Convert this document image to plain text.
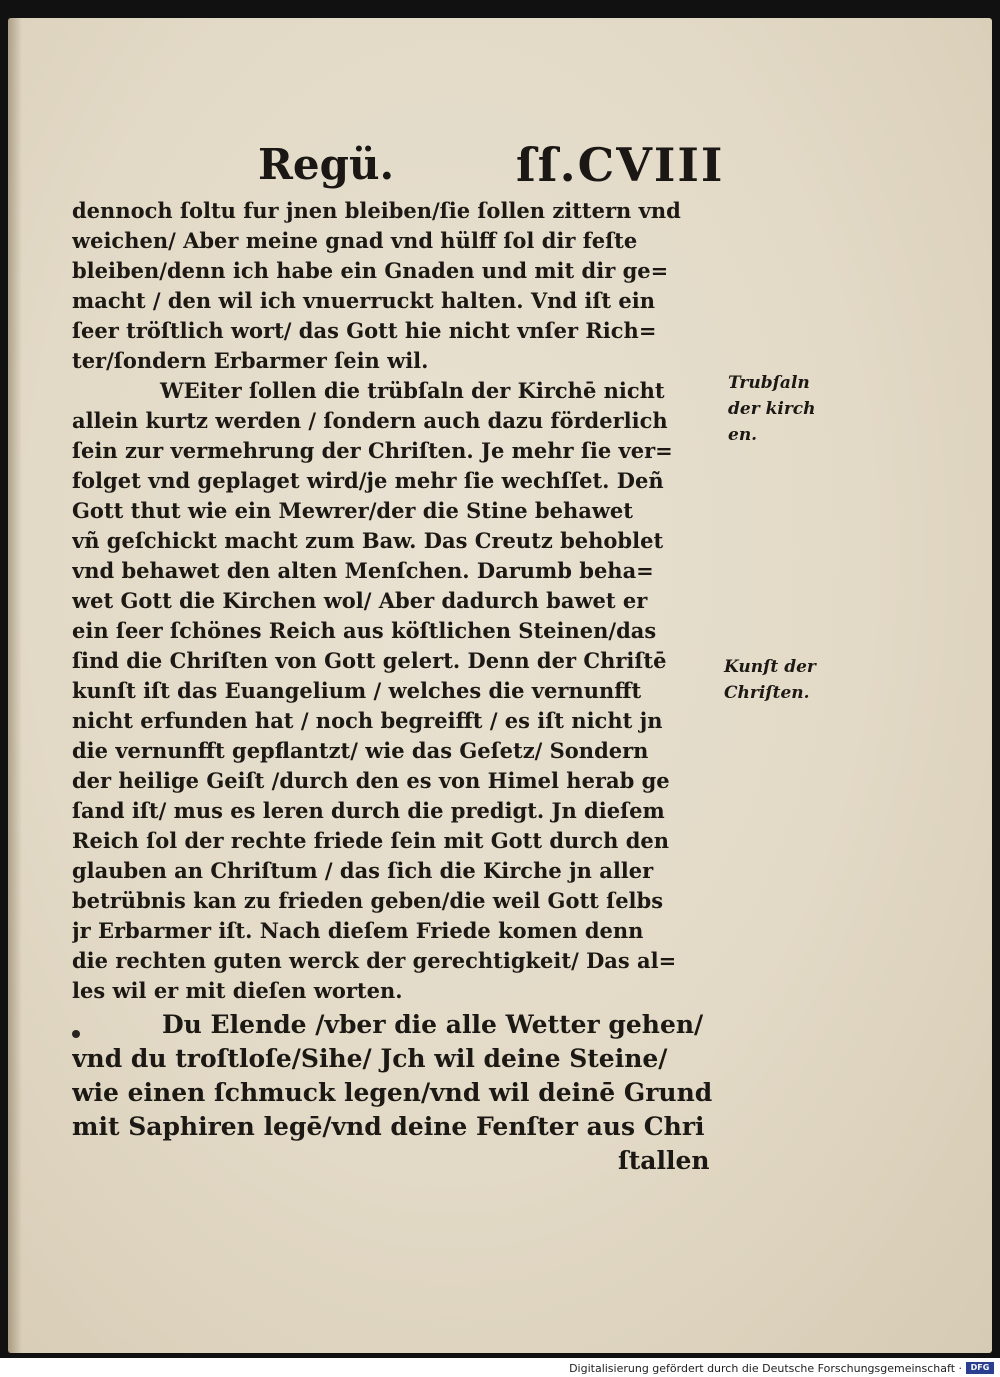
Regü.	ſſ.CVIII
dennoch ſoltu fur jnen bleiben/ſie ſollen zittern vnd
weichen/ Aber meine gnad vnd hülff ſol dir feſte
bleiben/denn ich habe ein Gnaden und mit dir ge=
macht / den wil ich vnuerruckt halten. Vnd iſt ein
ſeer tröſtlich wort/ das Gott hie nicht vnſer Rich=
ter/ſondern Erbarmer ſein wil.
WEiter ſollen die trübſaln der Kirchē nicht
allein kurtz werden / ſondern auch dazu förderlich
ſein zur vermehrung der Chriſten. Je mehr ſie ver=
folget vnd geplaget wird/je mehr ſie wechſſet. Deñ
Gott thut wie ein Mewrer/der die Stine behawet
vñ geſchickt macht zum Baw. Das Creutz behoblet
vnd behawet den alten Menſchen. Darumb beha=
wet Gott die Kirchen wol/ Aber dadurch bawet er
ein ſeer ſchönes Reich aus köſtlichen Steinen/das
ſind die Chriſten von Gott gelert. Denn der Chriſtē
kunſt iſt das Euangelium / welches die vernunfft
nicht erfunden hat / noch begreifft / es iſt nicht jn
die vernunfft gepflantzt/ wie das Geſetz/ Sondern
der heilige Geiſt /durch den es von Himel herab ge
ſand iſt/ mus es leren durch die predigt. Jn dieſem
Reich ſol der rechte friede ſein mit Gott durch den
glauben an Chriſtum / das ſich die Kirche jn aller
betrübnis kan zu frieden geben/die weil Gott ſelbs
jr Erbarmer iſt. Nach dieſem Friede komen denn
die rechten guten werck der gerechtigkeit/ Das al=
les wil er mit dieſen worten.
Du Elende /vber die alle Wetter gehen/
vnd du troſtloſe/Sihe/ Jch wil deine Steine/
wie einen ſchmuck legen/vnd wil deinē Grund
mit Saphiren legē/vnd deine Fenſter aus Chri
ſtallen
Trubſaln
der kirch
en.
Kunſt der
Chriſten.
Digitalisierung gefördert durch die Deutsche Forschungsgemeinschaft ·	DFG
